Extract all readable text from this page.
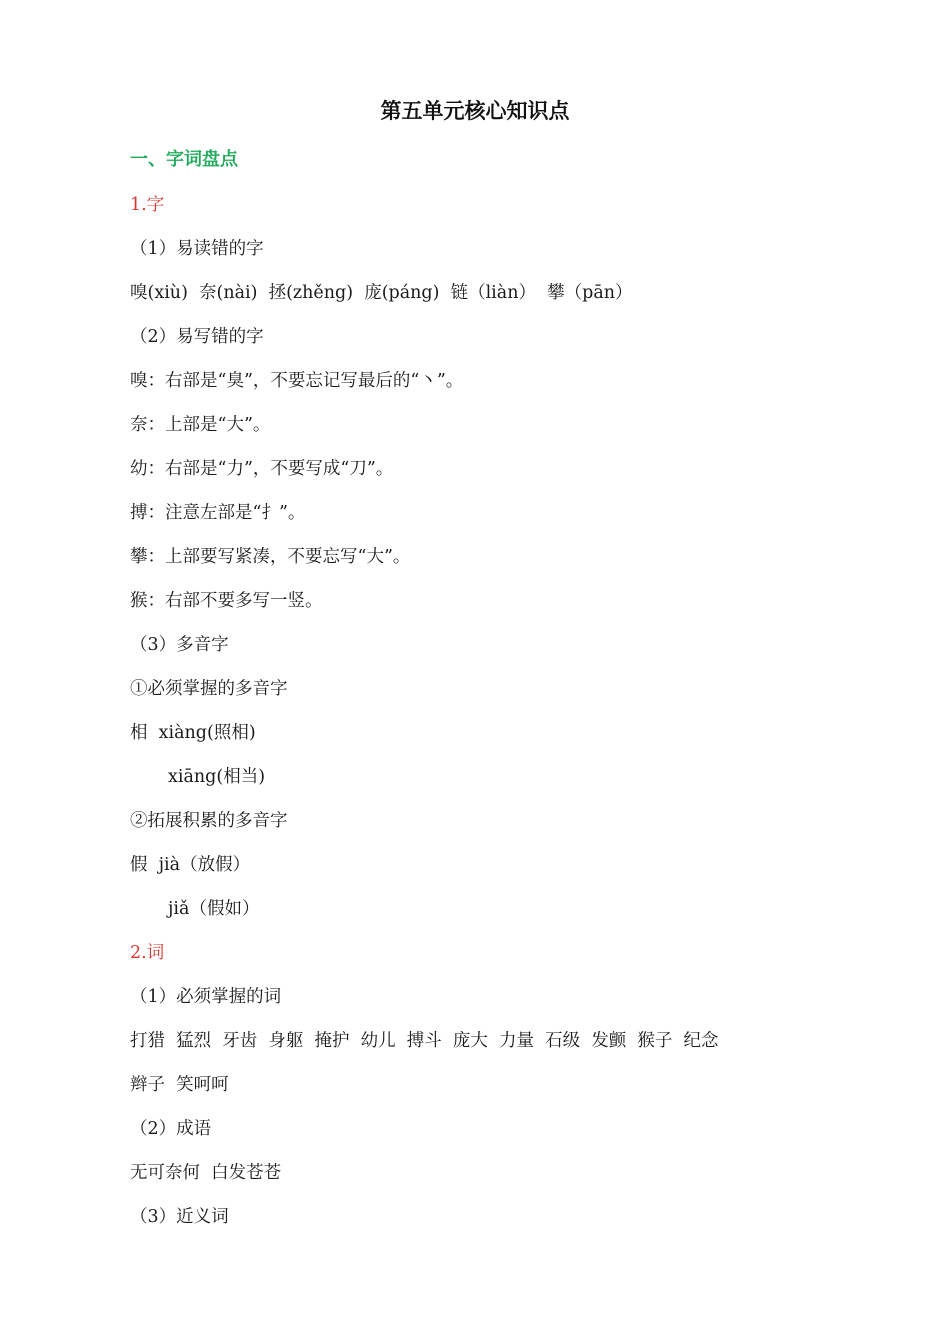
第五单元核心知识点
一、字词盘点
1.字
（1）易读错的字
嗅(xiù)  奈(nài)  拯(zhěng)  庞(páng)  链（liàn）  攀（pān）
（2）易写错的字
嗅：右部是“臭”，不要忘记写最后的“丶”。
奈：上部是“大”。
幼：右部是“力”，不要写成“刀”。
搏：注意左部是“扌”。
攀：上部要写紧凑，不要忘写“大”。
猴：右部不要多写一竖。
（3）多音字
①必须掌握的多音字
相  xiàng(照相)
xiāng(相当)
②拓展积累的多音字
假  jià（放假）
jiǎ（假如）
2.词
（1）必须掌握的词
打猎  猛烈  牙齿  身躯  掩护  幼儿  搏斗  庞大  力量  石级  发颤  猴子  纪念
辫子  笑呵呵
（2）成语
无可奈何  白发苍苍
（3）近义词
